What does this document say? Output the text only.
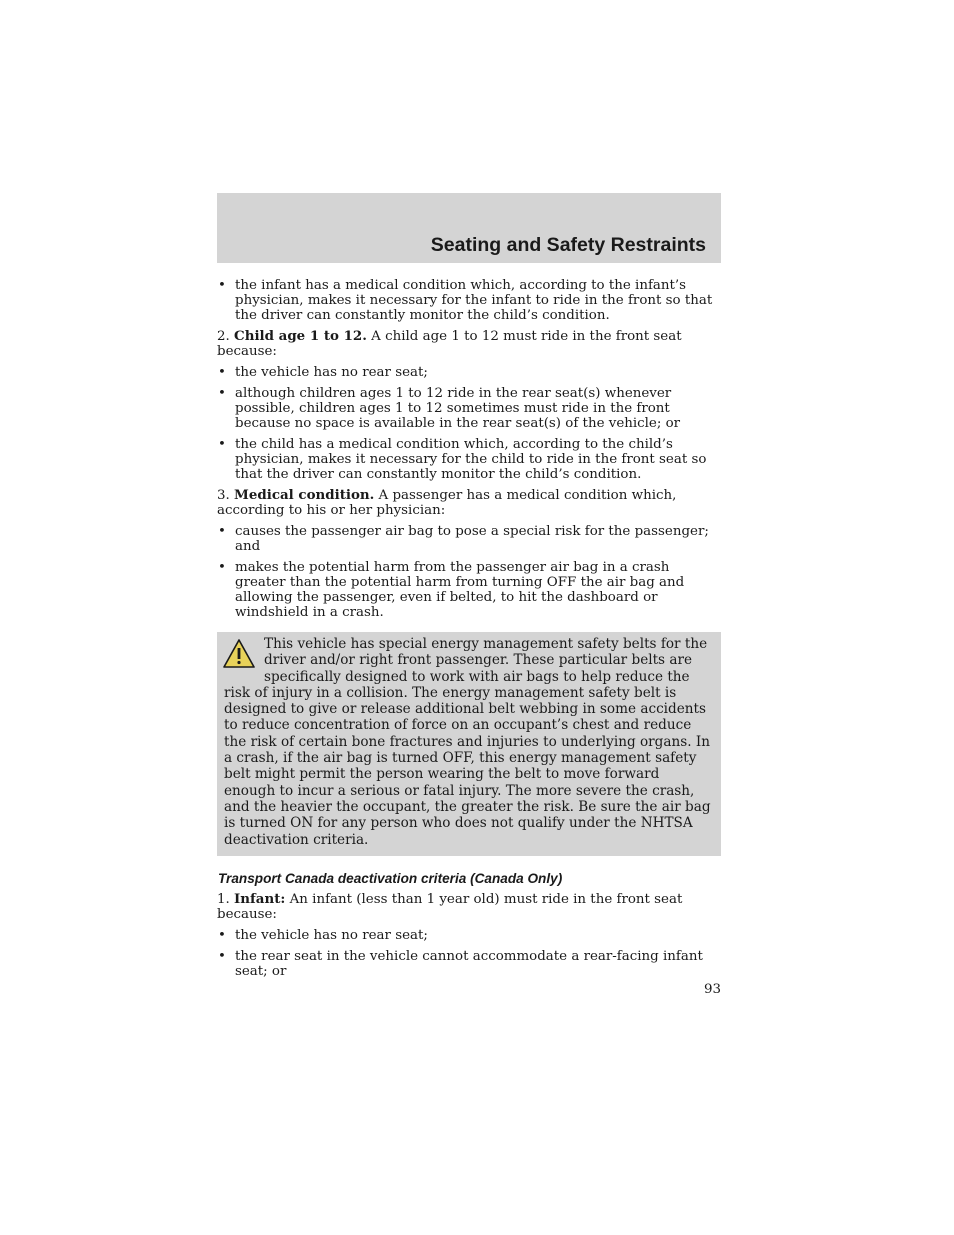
Seating and Safety Restraints
• the infant has a medical condition which, according to the infant’s physician, makes it necessary for the infant to ride in the front so that the driver can constantly monitor the child’s condition.
2. Child age 1 to 12. A child age 1 to 12 must ride in the front seat because:
• the vehicle has no rear seat;
• although children ages 1 to 12 ride in the rear seat(s) whenever possible, children ages 1 to 12 sometimes must ride in the front because no space is available in the rear seat(s) of the vehicle; or
• the child has a medical condition which, according to the child’s physician, makes it necessary for the child to ride in the front seat so that the driver can constantly monitor the child’s condition.
3. Medical condition. A passenger has a medical condition which, according to his or her physician:
• causes the passenger air bag to pose a special risk for the passenger; and
• makes the potential harm from the passenger air bag in a crash greater than the potential harm from turning OFF the air bag and allowing the passenger, even if belted, to hit the dashboard or windshield in a crash.
This vehicle has special energy management safety belts for the driver and/or right front passenger. These particular belts are specifically designed to work with air bags to help reduce the risk of injury in a collision. The energy management safety belt is designed to give or release additional belt webbing in some accidents to reduce concentration of force on an occupant’s chest and reduce the risk of certain bone fractures and injuries to underlying organs. In a crash, if the air bag is turned OFF, this energy management safety belt might permit the person wearing the belt to move forward enough to incur a serious or fatal injury. The more severe the crash, and the heavier the occupant, the greater the risk. Be sure the air bag is turned ON for any person who does not qualify under the NHTSA deactivation criteria.
Transport Canada deactivation criteria (Canada Only)
1. Infant: An infant (less than 1 year old) must ride in the front seat because:
• the vehicle has no rear seat;
• the rear seat in the vehicle cannot accommodate a rear-facing infant seat; or
93
